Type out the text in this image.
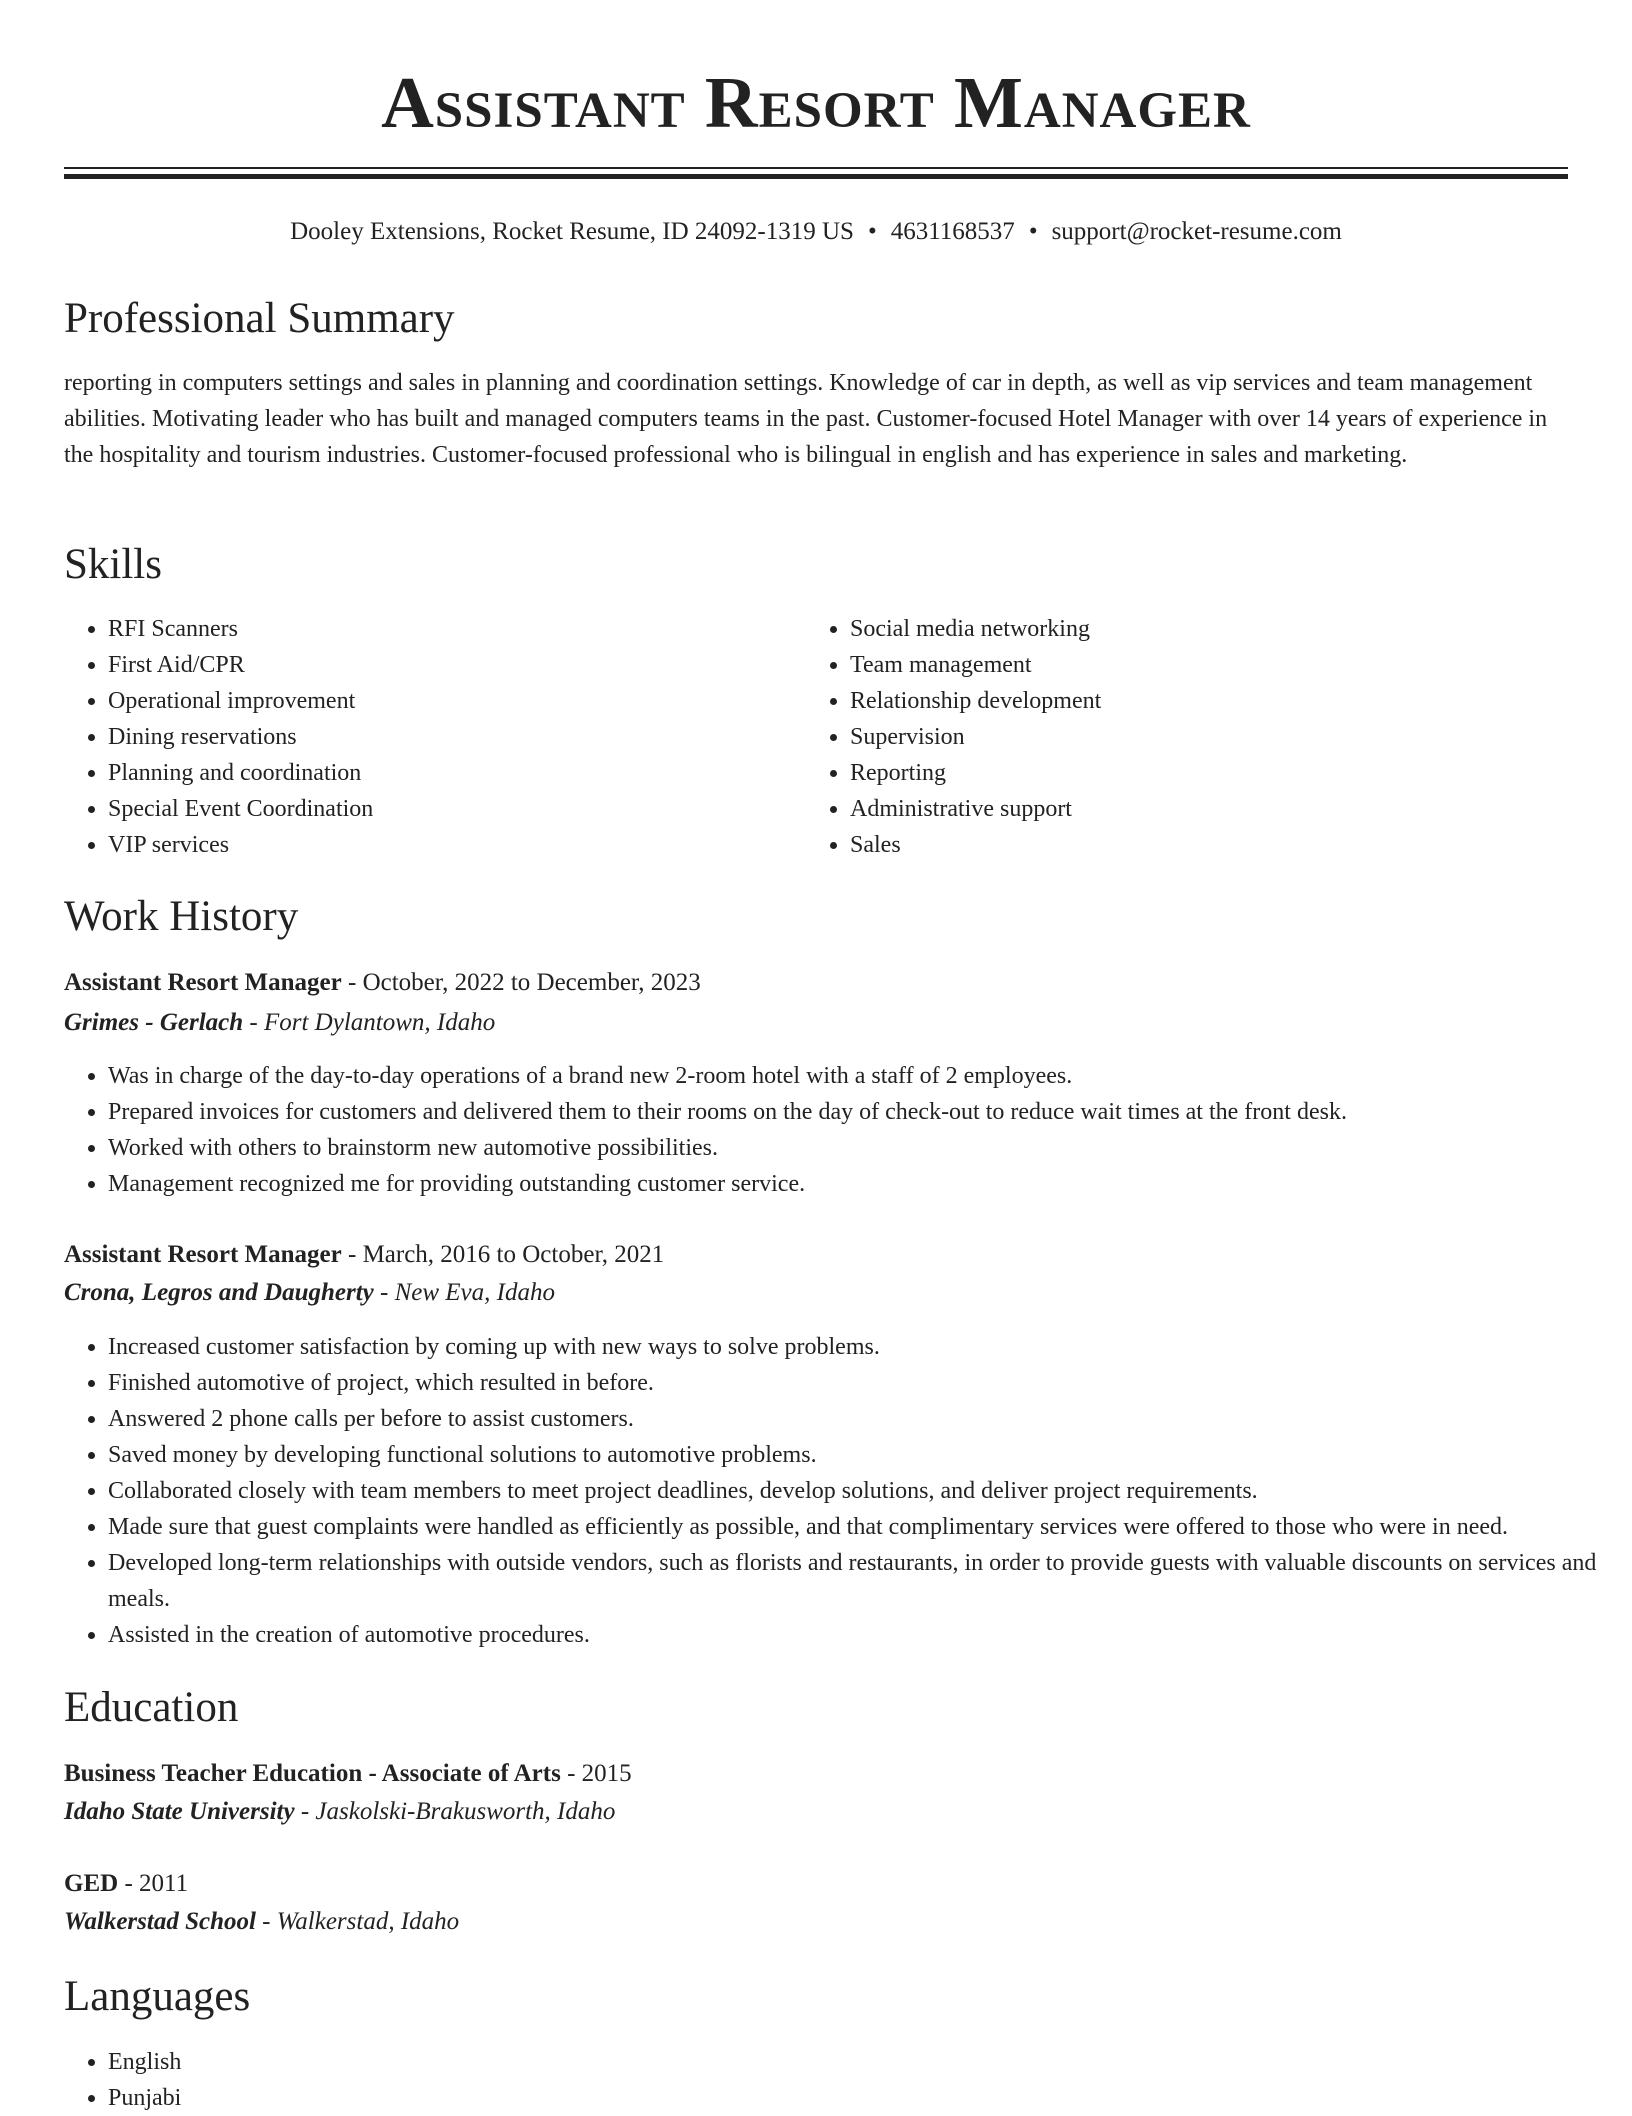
Assistant Resort Manager
Dooley Extensions, Rocket Resume, ID 24092-1319 US • 4631168537 • support@rocket-resume.com
Professional Summary

reporting in computers settings and sales in planning and coordination settings. Knowledge of car in depth, as well as vip services and team management abilities. Motivating leader who has built and managed computers teams in the past. Customer-focused Hotel Manager with over 14 years of experience in the hospitality and tourism industries. Customer-focused professional who is bilingual in english and has experience in sales and marketing.

Skills
• RFI Scanners
• First Aid/CPR
• Operational improvement
• Dining reservations
• Planning and coordination
• Special Event Coordination
• VIP services
• Social media networking
• Team management
• Relationship development
• Supervision
• Reporting
• Administrative support
• Sales
Work History
Assistant Resort Manager - October, 2022 to December, 2023
Grimes - Gerlach - Fort Dylantown, Idaho
• Was in charge of the day-to-day operations of a brand new 2-room hotel with a staff of 2 employees.
• Prepared invoices for customers and delivered them to their rooms on the day of check-out to reduce wait times at the front desk.
• Worked with others to brainstorm new automotive possibilities.
• Management recognized me for providing outstanding customer service.
Assistant Resort Manager - March, 2016 to October, 2021
Crona, Legros and Daugherty - New Eva, Idaho
• Increased customer satisfaction by coming up with new ways to solve problems.
• Finished automotive of project, which resulted in before.
• Answered 2 phone calls per before to assist customers.
• Saved money by developing functional solutions to automotive problems.
• Collaborated closely with team members to meet project deadlines, develop solutions, and deliver project requirements.
• Made sure that guest complaints were handled as efficiently as possible, and that complimentary services were offered to those who were in need.
• Developed long-term relationships with outside vendors, such as florists and restaurants, in order to provide guests with valuable discounts on services and meals.
• Assisted in the creation of automotive procedures.
Education
Business Teacher Education - Associate of Arts - 2015
Idaho State University - Jaskolski-Brakusworth, Idaho
GED - 2011
Walkerstad School - Walkerstad, Idaho
Languages
• English
• Punjabi
